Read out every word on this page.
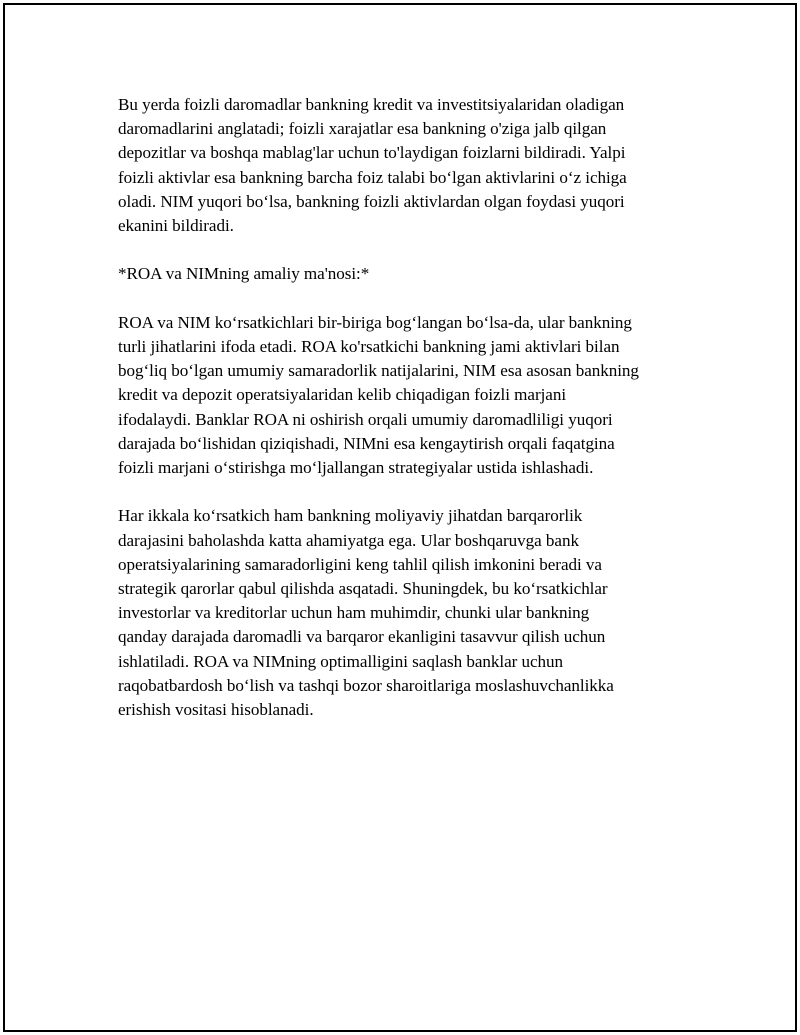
Bu yerda foizli daromadlar bankning kredit va investitsiyalaridan oladigan
daromadlarini anglatadi; foizli xarajatlar esa bankning o'ziga jalb qilgan
depozitlar va boshqa mablag'lar uchun to'laydigan foizlarni bildiradi. Yalpi
foizli aktivlar esa bankning barcha foiz talabi bo‘lgan aktivlarini o‘z ichiga
oladi. NIM yuqori bo‘lsa, bankning foizli aktivlardan olgan foydasi yuqori
ekanini bildiradi.

*ROA va NIMning amaliy ma'nosi:*

ROA va NIM ko‘rsatkichlari bir-biriga bog‘langan bo‘lsa-da, ular bankning
turli jihatlarini ifoda etadi. ROA ko'rsatkichi bankning jami aktivlari bilan
bog‘liq bo‘lgan umumiy samaradorlik natijalarini, NIM esa asosan bankning
kredit va depozit operatsiyalaridan kelib chiqadigan foizli marjani
ifodalaydi. Banklar ROA ni oshirish orqali umumiy daromadliligi yuqori
darajada bo‘lishidan qiziqishadi, NIMni esa kengaytirish orqali faqatgina
foizli marjani o‘stirishga mo‘ljallangan strategiyalar ustida ishlashadi.

Har ikkala ko‘rsatkich ham bankning moliyaviy jihatdan barqarorlik
darajasini baholashda katta ahamiyatga ega. Ular boshqaruvga bank
operatsiyalarining samaradorligini keng tahlil qilish imkonini beradi va
strategik qarorlar qabul qilishda asqatadi. Shuningdek, bu ko‘rsatkichlar
investorlar va kreditorlar uchun ham muhimdir, chunki ular bankning
qanday darajada daromadli va barqaror ekanligini tasavvur qilish uchun
ishlatiladi. ROA va NIMning optimalligini saqlash banklar uchun
raqobatbardosh bo‘lish va tashqi bozor sharoitlariga moslashuvchanlikka
erishish vositasi hisoblanadi.
